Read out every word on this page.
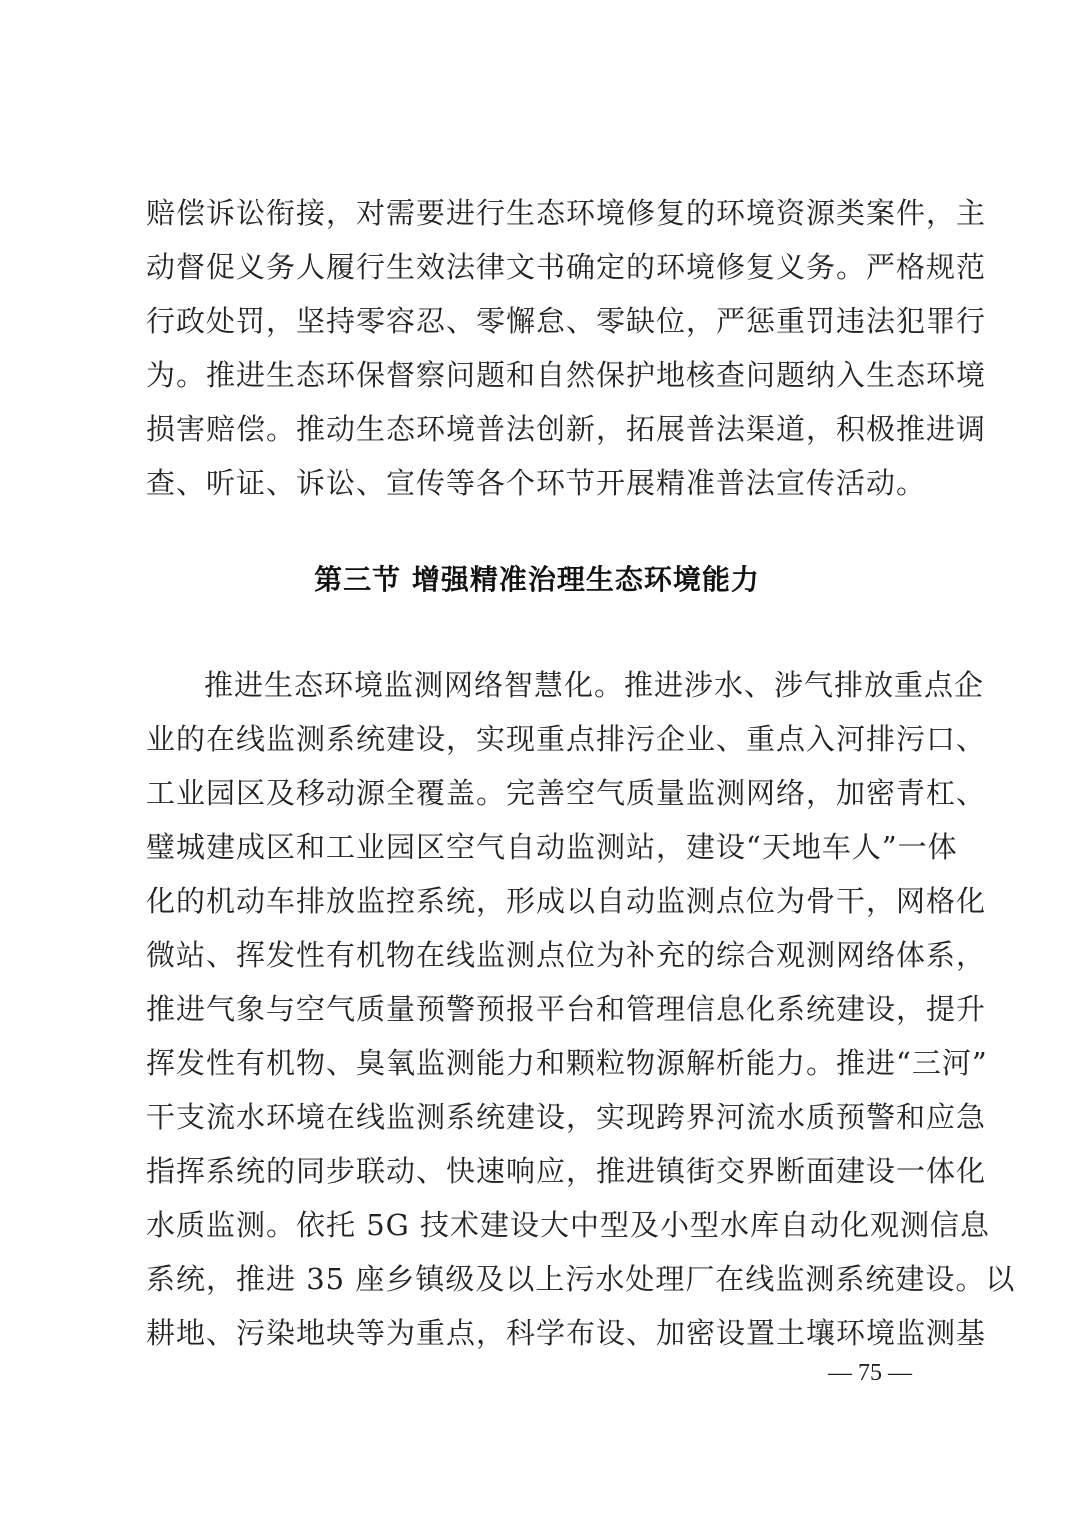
赔偿诉讼衔接，对需要进行生态环境修复的环境资源类案件，主
动督促义务人履行生效法律文书确定的环境修复义务。严格规范
行政处罚，坚持零容忍、零懈怠、零缺位，严惩重罚违法犯罪行
为。推进生态环保督察问题和自然保护地核查问题纳入生态环境
损害赔偿。推动生态环境普法创新，拓展普法渠道，积极推进调
查、听证、诉讼、宣传等各个环节开展精准普法宣传活动。
第三节 增强精准治理生态环境能力
推进生态环境监测网络智慧化。推进涉水、涉气排放重点企
业的在线监测系统建设，实现重点排污企业、重点入河排污口、
工业园区及移动源全覆盖。完善空气质量监测网络，加密青杠、
璧城建成区和工业园区空气自动监测站，建设“天地车人”一体
化的机动车排放监控系统，形成以自动监测点位为骨干，网格化
微站、挥发性有机物在线监测点位为补充的综合观测网络体系，
推进气象与空气质量预警预报平台和管理信息化系统建设，提升
挥发性有机物、臭氧监测能力和颗粒物源解析能力。推进“三河”
干支流水环境在线监测系统建设，实现跨界河流水质预警和应急
指挥系统的同步联动、快速响应，推进镇街交界断面建设一体化
水质监测。依托 5G 技术建设大中型及小型水库自动化观测信息
系统，推进 35 座乡镇级及以上污水处理厂在线监测系统建设。以
耕地、污染地块等为重点，科学布设、加密设置土壤环境监测基
— 75 —
